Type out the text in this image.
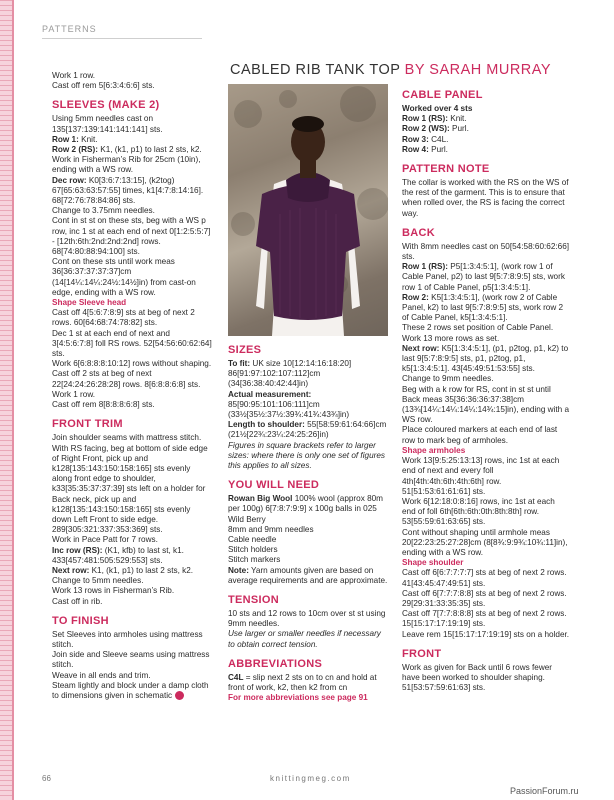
PATTERNS
CABLED RIB TANK TOP BY SARAH MURRAY

Work 1 row.

Cast off rem 5[6:3:4:6:6] sts.

SLEEVES (MAKE 2)

Using 5mm needles cast on 135[137:139:141:141:141] sts.

Row 1: Knit.

Row 2 (RS): K1, (k1, p1) to last 2 sts, k2.

Work in Fisherman’s Rib for 25cm (10in), ending with a WS row.

Dec row: K0[3:6:7:13:15], (k2tog) 67[65:63:63:57:55] times, k1[4:7:8:14:16]. 68[72:76:78:84:86] sts.

Change to 3.75mm needles.

Cont in st st on these sts, beg with a WS p row, inc 1 st at each end of next 0[1:2:5:5:7] - [12th:6th:2nd:2nd:2nd] rows. 68[74:80:88:94:100] sts.

Cont on these sts until work meas 36[36:37:37:37:37]cm (14[14¼:14¼:24½:14½]in) from cast-on edge, ending with a WS row.

Shape Sleeve head

Cast off 4[5:6:7:8:9] sts at beg of next 2 rows. 60[64:68:74:78:82] sts.

Dec 1 st at each end of next and 3[4:5:6:7:8] foll RS rows. 52[54:56:60:62:64] sts.

Work 6[6:8:8:8:10:12] rows without shaping.

Cast off 2 sts at beg of next 22[24:24:26:28:28] rows. 8[6:8:8:6:8] sts.

Work 1 row.

Cast off rem 8[8:8:8:6:8] sts.

FRONT TRIM

Join shoulder seams with mattress stitch. With RS facing, beg at bottom of side edge of Right Front, pick up and k128[135:143:150:158:165] sts evenly along front edge to shoulder, k33[35:35:37:37:39] sts left on a holder for Back neck, pick up and k128[135:143:150:158:165] sts evenly down Left Front to side edge. 289[305:321:337:353:369] sts.

Work in Pace Patt for 7 rows.

Inc row (RS): (K1, kfb) to last st, k1. 433[457:481:505:529:553] sts.

Next row: K1, (k1, p1) to last 2 sts, k2.

Change to 5mm needles.

Work 13 rows in Fisherman’s Rib.

Cast off in rib.

TO FINISH

Set Sleeves into armholes using mattress stitch.

Join side and Sleeve seams using mattress stitch.

Weave in all ends and trim.

Steam lightly and block under a damp cloth to dimensions given in schematic

SIZES

To fit: UK size 10[12:14:16:18:20] 86[91:97:102:107:112]cm (34[36:38:40:42:44]in)

Actual measurement: 85[90:95:101:106:111]cm (33½[35½:37½:39¾:41¾:43¾]in)

Length to shoulder: 55[58:59:61:64:66]cm (21½[22¾:23¼:24:25:26]in)

Figures in square brackets refer to larger sizes: where there is only one set of figures this applies to all sizes.

YOU WILL NEED

Rowan Big Wool 100% wool (approx 80m per 100g) 6[7:8:7:9:9] x 100g balls in 025 Wild Berry

8mm and 9mm needles

Cable needle

Stitch holders

Stitch markers

Note: Yarn amounts given are based on average requirements and are approximate.

TENSION

10 sts and 12 rows to 10cm over st st using 9mm needles.

Use larger or smaller needles if necessary to obtain correct tension.

ABBREVIATIONS

C4L = slip next 2 sts on to cn and hold at front of work, k2, then k2 from cn

For more abbreviations see page 91

CABLE PANEL

Worked over 4 sts

Row 1 (RS): Knit.

Row 2 (WS): Purl.

Row 3: C4L.

Row 4: Purl.

PATTERN NOTE

The collar is worked with the RS on the WS of the rest of the garment. This is to ensure that when rolled over, the RS is facing the correct way.

BACK

With 8mm needles cast on 50[54:58:60:62:66] sts.

Row 1 (RS): P5[1:3:4:5:1], (work row 1 of Cable Panel, p2) to last 9[5:7:8:9:5] sts, work row 1 of Cable Panel, p5[1:3:4:5:1].

Row 2: K5[1:3:4:5:1], (work row 2 of Cable Panel, k2) to last 9[5:7:8:9:5] sts, work row 2 of Cable Panel, k5[1:3:4:5:1].

These 2 rows set position of Cable Panel. Work 13 more rows as set.

Next row: K5[1:3:4:5:1], (p1, p2tog, p1, k2) to last 9[5:7:8:9:5] sts, p1, p2tog, p1, k5[1:3:4:5:1]. 43[45:49:51:53:55] sts.

Change to 9mm needles.

Beg with a k row for RS, cont in st st until Back meas 35[36:36:36:37:38]cm (13¾[14¼:14¼:14¼:14¾:15]in), ending with a WS row.

Place coloured markers at each end of last row to mark beg of armholes.

Shape armholes

Work 13[9:5:25:13:13] rows, inc 1st at each end of next and every foll 4th[4th:4th:6th:4th:6th] row. 51[51:53:61:61:61] sts.

Work 6[12:18:0:8:16] rows, inc 1st at each end of foll 6th[6th:6th:0th:8th:8th] row. 53[55:59:61:63:65] sts.

Cont without shaping until armhole meas 20[22:23:25:27:28]cm (8[8¾:9:9¾:10¾:11]in), ending with a WS row.

Shape shoulder

Cast off 6[6:7:7:7:7] sts at beg of next 2 rows. 41[43:45:47:49:51] sts.

Cast off 6[7:7:7:8:8] sts at beg of next 2 rows. 29[29:31:33:35:35] sts.

Cast off 7[7:7:8:8:8] sts at beg of next 2 rows. 15[15:17:17:19:19] sts.

Leave rem 15[15:17:17:19:19] sts on a holder.

FRONT

Work as given for Back until 6 rows fewer have been worked to shoulder shaping. 51[53:57:59:61:63] sts.

66	knittingmeg.com
PassionForum.ru
